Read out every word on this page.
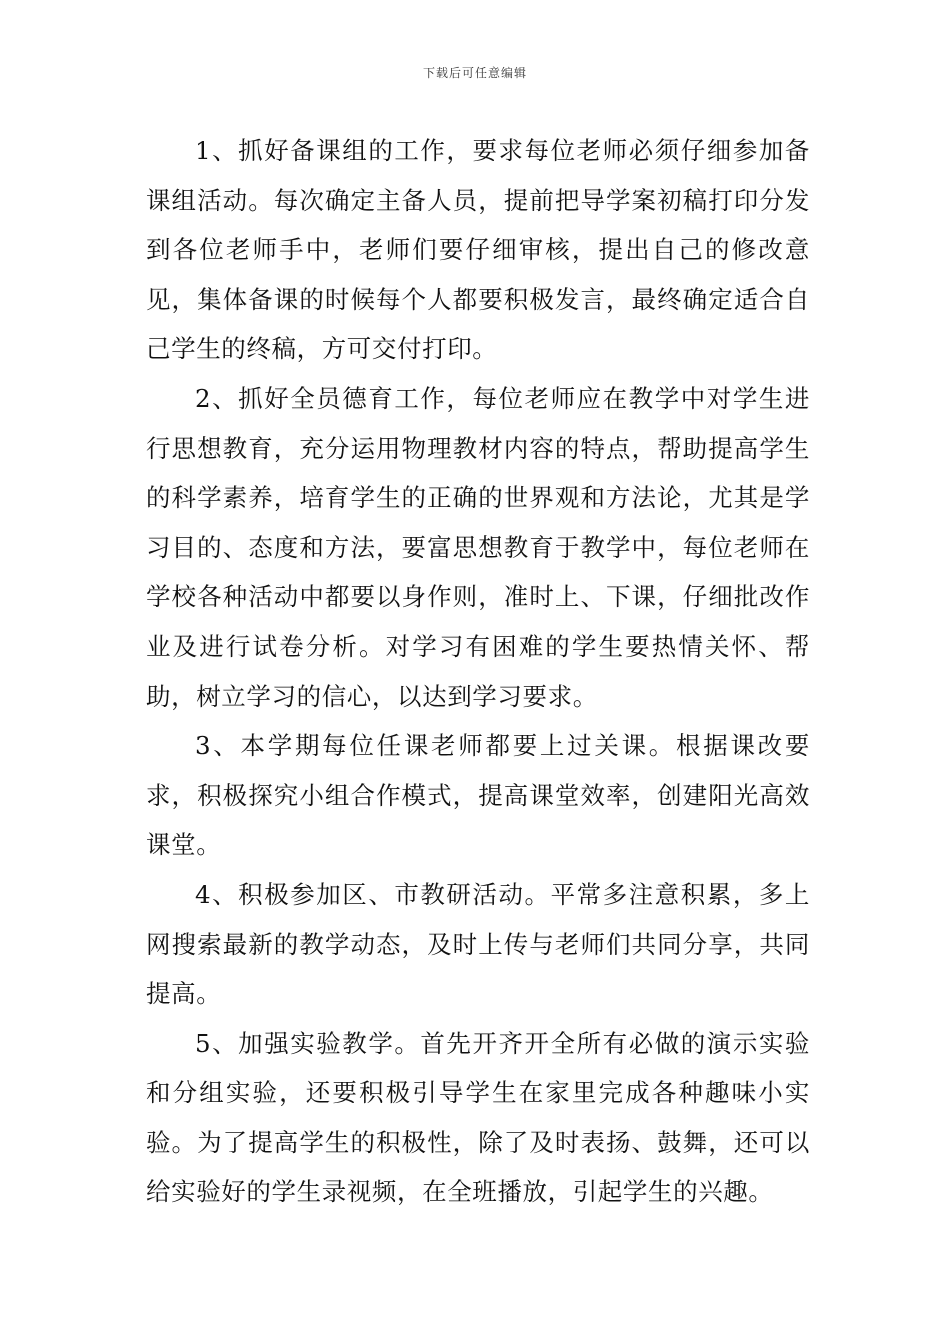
下载后可任意编辑

1、抓好备课组的工作，要求每位老师必须仔细参加备课组活动。每次确定主备人员，提前把导学案初稿打印分发到各位老师手中，老师们要仔细审核，提出自己的修改意见，集体备课的时候每个人都要积极发言，最终确定适合自己学生的终稿，方可交付打印。

2、抓好全员德育工作，每位老师应在教学中对学生进行思想教育，充分运用物理教材内容的特点，帮助提高学生的科学素养，培育学生的正确的世界观和方法论，尤其是学习目的、态度和方法，要富思想教育于教学中，每位老师在学校各种活动中都要以身作则，准时上、下课，仔细批改作业及进行试卷分析。对学习有困难的学生要热情关怀、帮助，树立学习的信心，以达到学习要求。

3、本学期每位任课老师都要上过关课。根据课改要求，积极探究小组合作模式，提高课堂效率，创建阳光高效课堂。

4、积极参加区、市教研活动。平常多注意积累，多上网搜索最新的教学动态，及时上传与老师们共同分享，共同提高。

5、加强实验教学。首先开齐开全所有必做的演示实验和分组实验，还要积极引导学生在家里完成各种趣味小实验。为了提高学生的积极性，除了及时表扬、鼓舞，还可以给实验好的学生录视频，在全班播放，引起学生的兴趣。
